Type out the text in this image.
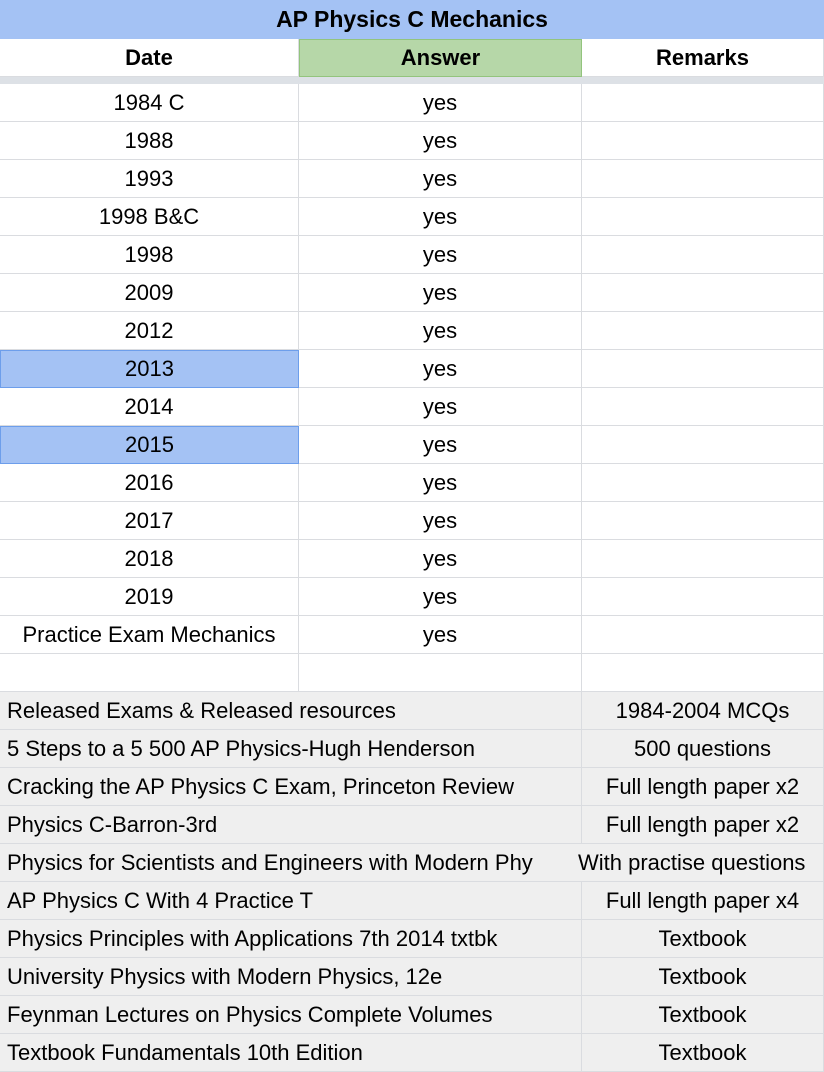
AP Physics C Mechanics
Date	Answer	Remarks
1984 C	yes
1988	yes
1993	yes
1998 B&C	yes
1998	yes
2009	yes
2012	yes
2013	yes
2014	yes
2015	yes
2016	yes
2017	yes
2018	yes
2019	yes
Practice Exam Mechanics	yes
Released Exams & Released resources	1984-2004 MCQs
5 Steps to a 5 500 AP Physics-Hugh Henderson	500 questions
Cracking the AP Physics C Exam, Princeton Review	Full length paper x2
Physics C-Barron-3rd	Full length paper x2
Physics for Scientists and Engineers with Modern Phy	With practise questions
AP Physics C With 4 Practice T	Full length paper x4
Physics Principles with Applications 7th 2014 txtbk	Textbook
University Physics with Modern Physics, 12e	Textbook
Feynman Lectures on Physics Complete Volumes	Textbook
Textbook Fundamentals 10th Edition	Textbook
